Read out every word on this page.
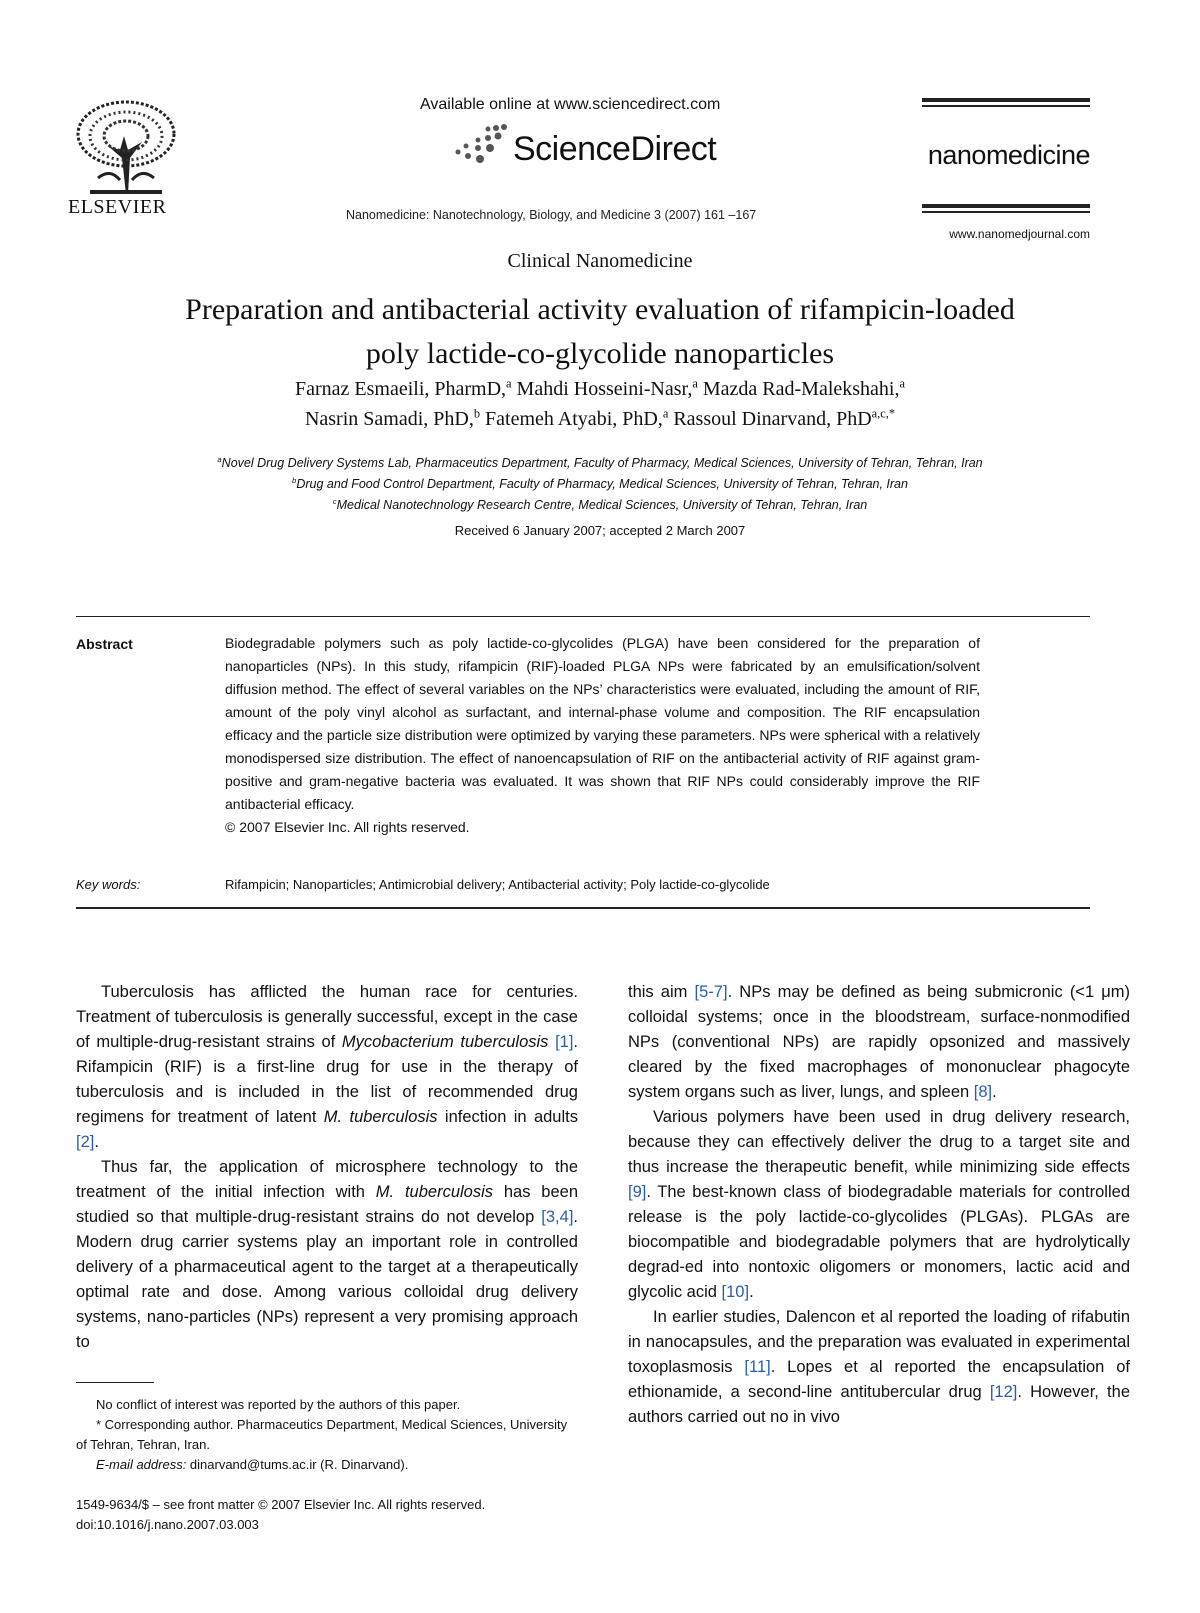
ELSEVIER
Available online at www.sciencedirect.com
ScienceDirect
Nanomedicine: Nanotechnology, Biology, and Medicine 3 (2007) 161 –167
nanomedicine
www.nanomedjournal.com
Clinical Nanomedicine
Preparation and antibacterial activity evaluation of rifampicin-loaded
poly lactide-co-glycolide nanoparticles
Farnaz Esmaeili, PharmD,$^a$ Mahdi Hosseini-Nasr,$^a$ Mazda Rad-Malekshahi,$^a$
Nasrin Samadi, PhD,$^b$ Fatemeh Atyabi, PhD,$^a$ Rassoul Dinarvand, PhD$^{a,c,*}$
$^a$Novel Drug Delivery Systems Lab, Pharmaceutics Department, Faculty of Pharmacy, Medical Sciences, University of Tehran, Tehran, Iran
$^b$Drug and Food Control Department, Faculty of Pharmacy, Medical Sciences, University of Tehran, Tehran, Iran
$^c$Medical Nanotechnology Research Centre, Medical Sciences, University of Tehran, Tehran, Iran
Received 6 January 2007; accepted 2 March 2007
Abstract	Biodegradable polymers such as poly lactide-co-glycolides (PLGA) have been considered for the preparation of nanoparticles (NPs). In this study, rifampicin (RIF)-loaded PLGA NPs were fabricated by an emulsification/solvent diffusion method. The effect of several variables on the NPs’ characteristics were evaluated, including the amount of RIF, amount of the poly vinyl alcohol as surfactant, and internal-phase volume and composition. The RIF encapsulation efficacy and the particle size distribution were optimized by varying these parameters. NPs were spherical with a relatively monodispersed size distribution. The effect of nanoencapsulation of RIF on the antibacterial activity of RIF against gram-positive and gram-negative bacteria was evaluated. It was shown that RIF NPs could considerably improve the RIF antibacterial efficacy.
© 2007 Elsevier Inc. All rights reserved.
Key words:	Rifampicin; Nanoparticles; Antimicrobial delivery; Antibacterial activity; Poly lactide-co-glycolide

Tuberculosis has afflicted the human race for centuries. Treatment of tuberculosis is generally successful, except in the case of multiple-drug-resistant strains of Mycobacterium tuberculosis [1]. Rifampicin (RIF) is a first-line drug for use in the therapy of tuberculosis and is included in the list of recommended drug regimens for treatment of latent M. tuberculosis infection in adults [2].

Thus far, the application of microsphere technology to the treatment of the initial infection with M. tuberculosis has been studied so that multiple-drug-resistant strains do not develop [3,4]. Modern drug carrier systems play an important role in controlled delivery of a pharmaceutical agent to the target at a therapeutically optimal rate and dose. Among various colloidal drug delivery systems, nano-particles (NPs) represent a very promising approach to

this aim [5-7]. NPs may be defined as being submicronic (<1 μm) colloidal systems; once in the bloodstream, surface-nonmodified NPs (conventional NPs) are rapidly opsonized and massively cleared by the fixed macrophages of mononuclear phagocyte system organs such as liver, lungs, and spleen [8].

Various polymers have been used in drug delivery research, because they can effectively deliver the drug to a target site and thus increase the therapeutic benefit, while minimizing side effects [9]. The best-known class of biodegradable materials for controlled release is the poly lactide-co-glycolides (PLGAs). PLGAs are biocompatible and biodegradable polymers that are hydrolytically degrad-ed into nontoxic oligomers or monomers, lactic acid and glycolic acid [10].

In earlier studies, Dalencon et al reported the loading of rifabutin in nanocapsules, and the preparation was evaluated in experimental toxoplasmosis [11]. Lopes et al reported the encapsulation of ethionamide, a second-line antitubercular drug [12]. However, the authors carried out no in vivo

No conflict of interest was reported by the authors of this paper.
* Corresponding author. Pharmaceutics Department, Medical Sciences, University of Tehran, Tehran, Iran.
E-mail address: dinarvand@tums.ac.ir (R. Dinarvand).
1549-9634/$ – see front matter © 2007 Elsevier Inc. All rights reserved.
doi:10.1016/j.nano.2007.03.003
